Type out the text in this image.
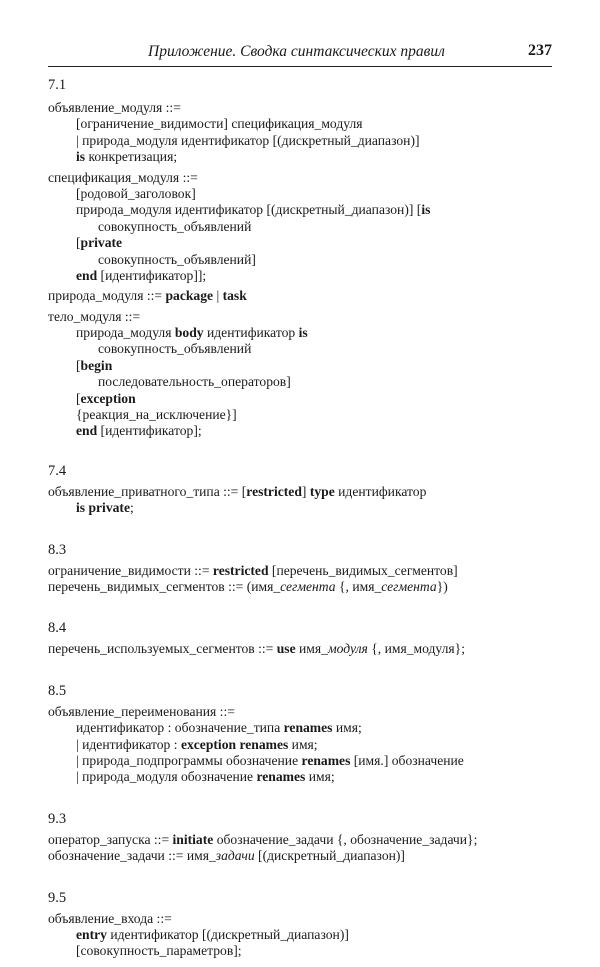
Приложение. Сводка синтаксических правил	237
7.1
объявление_модуля ::=
[ограничение_видимости] спецификация_модуля
| природа_модуля идентификатор [(дискретный_диапазон)]
is конкретизация;
спецификация_модуля ::=
[родовой_заголовок]
природа_модуля идентификатор [(дискретный_диапазон)] [is
совокупность_объявлений
[private
совокупность_объявлений]
end [идентификатор]];
природа_модуля ::= package | task
тело_модуля ::=
природа_модуля body идентификатор is
совокупность_объявлений
[begin
последовательность_операторов]
[exception
{реакция_на_исключение}]
end [идентификатор];
7.4
объявление_приватного_типа ::= [restricted] type идентификатор
is private;
8.3
ограничение_видимости ::= restricted [перечень_видимых_сегментов]
перечень_видимых_сегментов ::= (имя_сегмента {, имя_сегмента})
8.4
перечень_используемых_сегментов ::= use имя_модуля {, имя_модуля};
8.5
объявление_переименования ::=
идентификатор : обозначение_типа renames имя;
| идентификатор : exception renames имя;
| природа_подпрограммы обозначение renames [имя.] обозначение
| природа_модуля обозначение renames имя;
9.3
оператор_запуска ::= initiate обозначение_задачи {, обозначение_задачи};
обозначение_задачи ::= имя_задачи [(дискретный_диапазон)]
9.5
объявление_входа ::=
entry идентификатор [(дискретный_диапазон)]
[совокупность_параметров];
